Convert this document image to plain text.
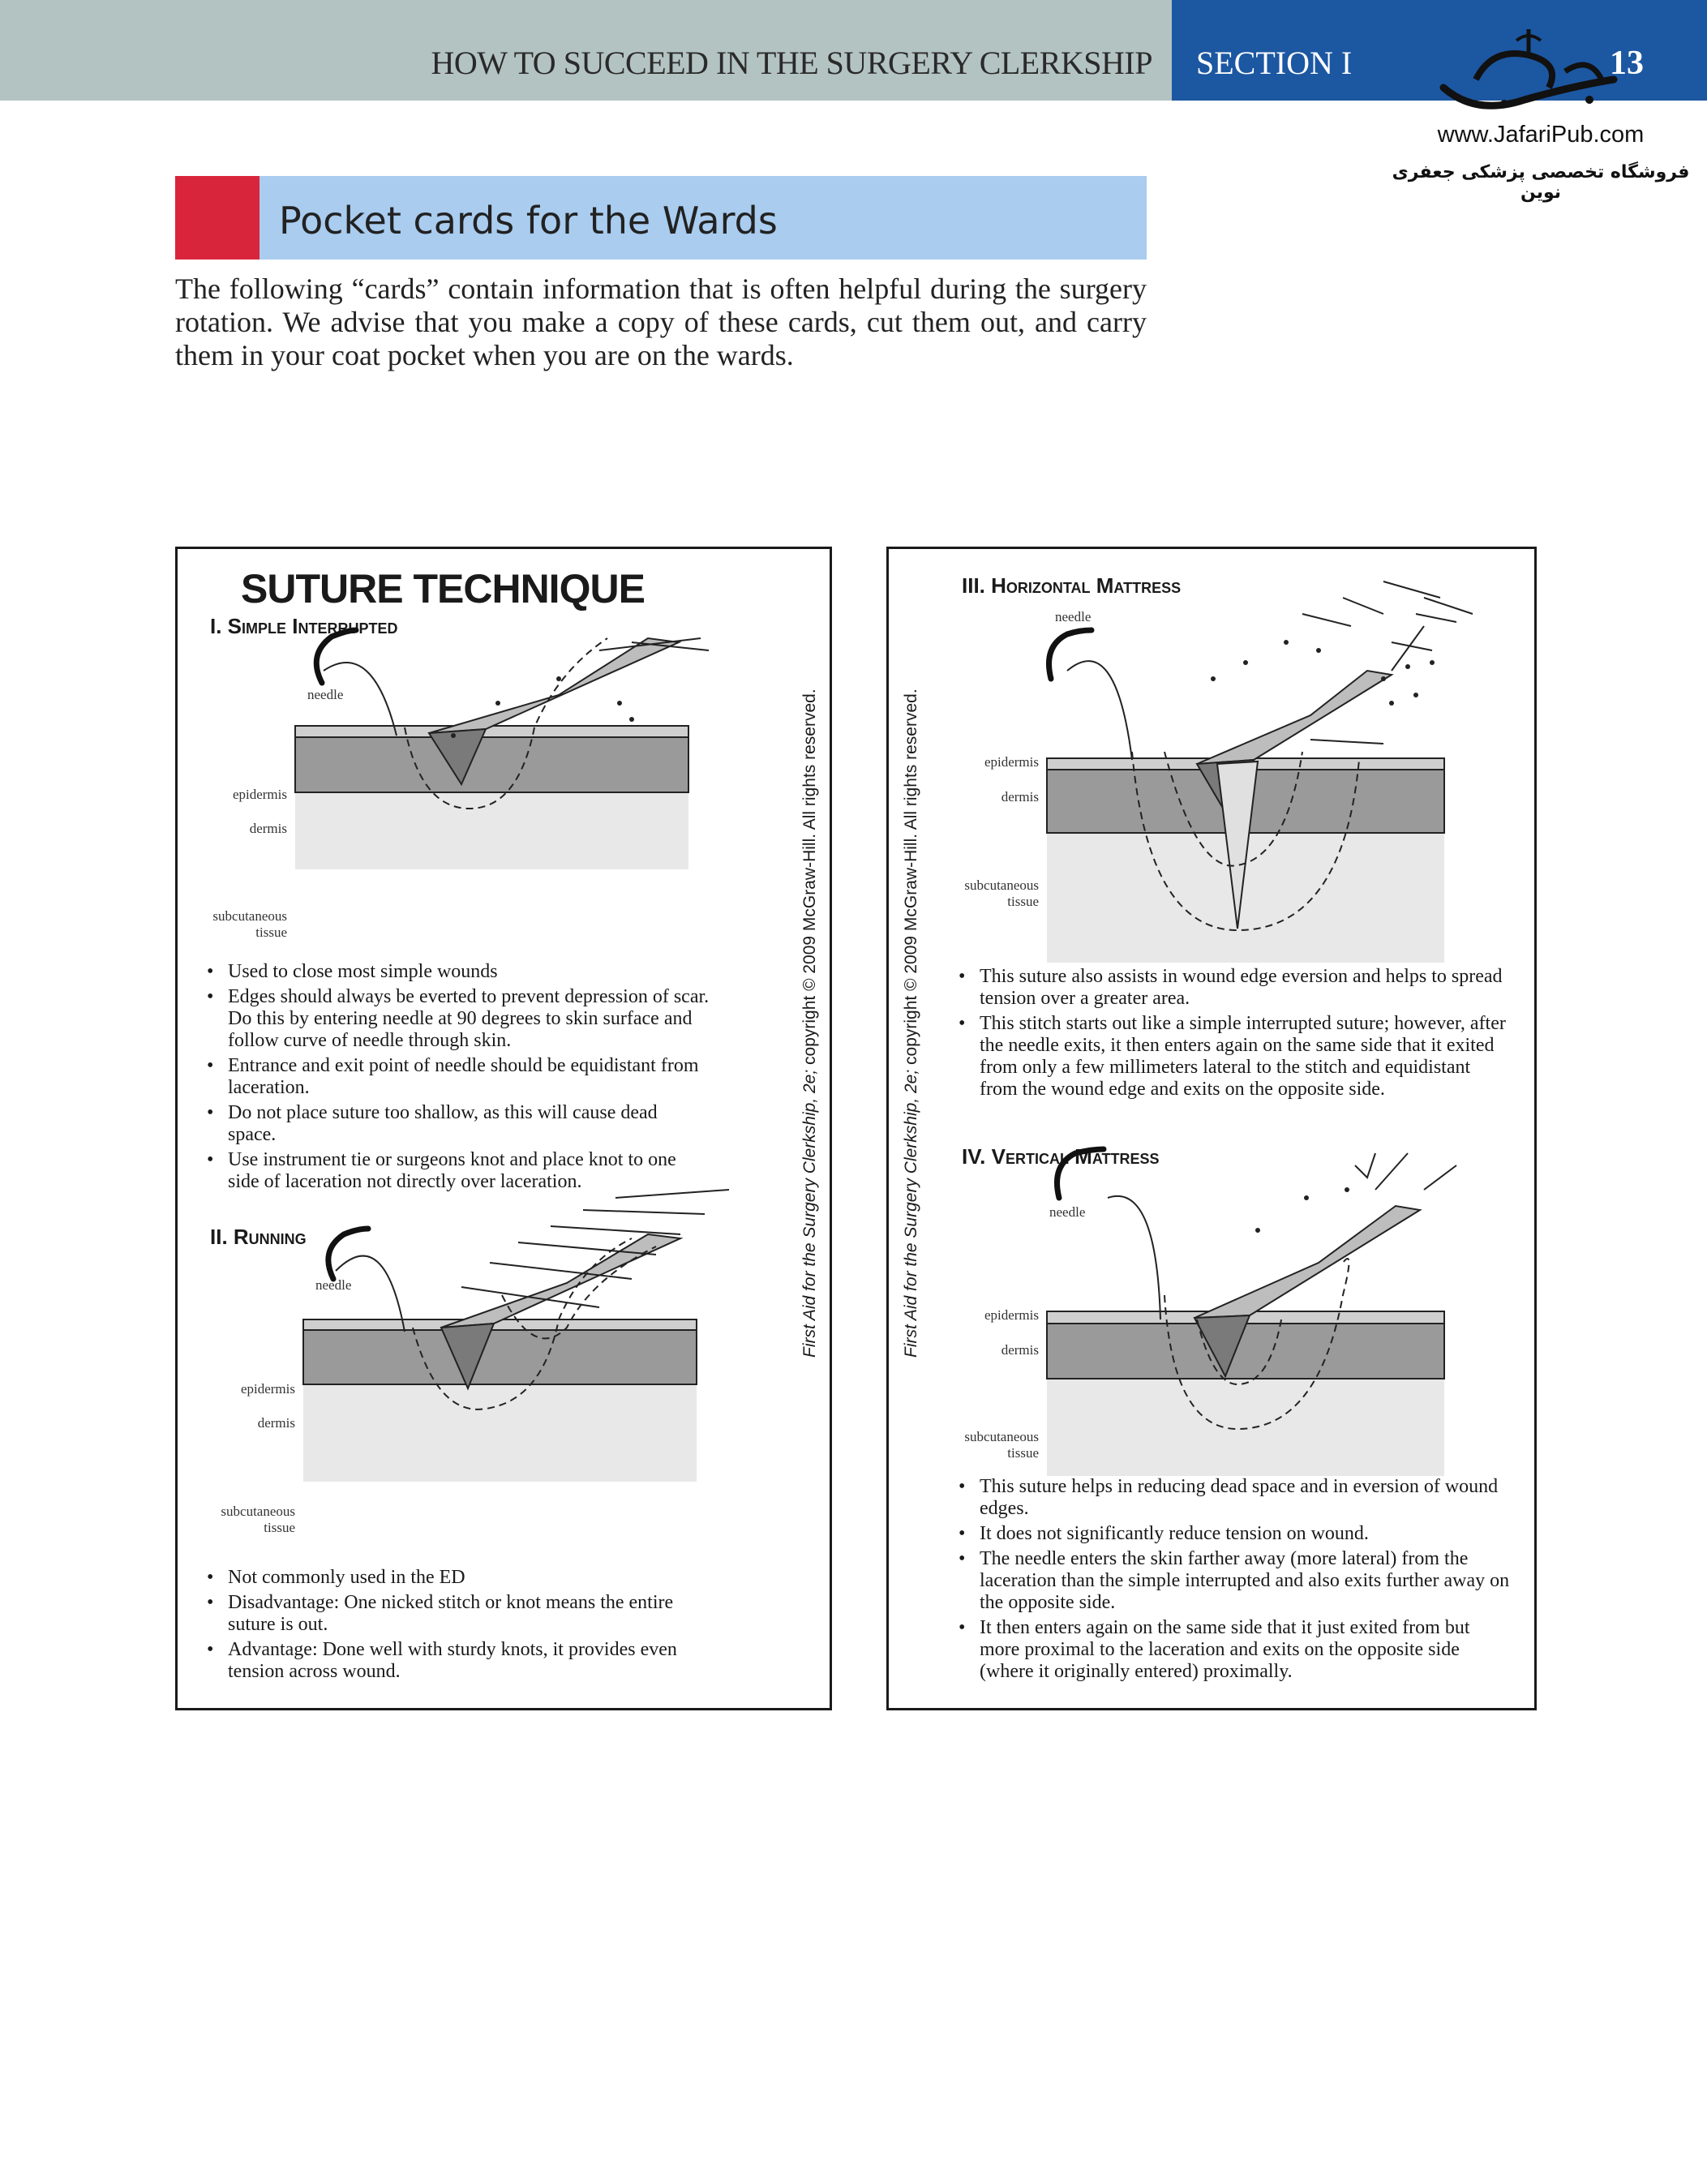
HOW TO SUCCEED IN THE SURGERY CLERKSHIP SECTION I	13
www.JafariPub.com
فروشگاه تخصصی پزشکی جعفری نوین
Pocket cards for the Wards
The following “cards” contain information that is often helpful during the surgery rotation. We advise that you make a copy of these cards, cut them out, and carry them in your coat pocket when you are on the wards.
SUTURE TECHNIQUE
I. Simple Interrupted
needle
epidermis
dermis
subcutaneous
tissue
• Used to close most simple wounds
• Edges should always be everted to prevent depression of scar. Do this by entering needle at 90 degrees to skin surface and follow curve of needle through skin.
• Entrance and exit point of needle should be equidistant from laceration.
• Do not place suture too shallow, as this will cause dead space.
• Use instrument tie or surgeons knot and place knot to one side of laceration not directly over laceration.
II. Running
needle
epidermis
dermis
subcutaneous
tissue
• Not commonly used in the ED
• Disadvantage: One nicked stitch or knot means the entire suture is out.
• Advantage: Done well with sturdy knots, it provides even tension across wound.
First Aid for the Surgery Clerkship, 2e; copyright © 2009 McGraw-Hill. All rights reserved.
III. Horizontal Mattress
needle
epidermis
dermis
subcutaneous
tissue
• This suture also assists in wound edge eversion and helps to spread tension over a greater area.
• This stitch starts out like a simple interrupted suture; however, after the needle exits, it then enters again on the same side that it exited from only a few millimeters lateral to the stitch and equidistant from the wound edge and exits on the opposite side.
IV. Vertical Mattress
needle
epidermis
dermis
subcutaneous
tissue
• This suture helps in reducing dead space and in eversion of wound edges.
• It does not significantly reduce tension on wound.
• The needle enters the skin farther away (more lateral) from the laceration than the simple interrupted and also exits further away on the opposite side.
• It then enters again on the same side that it just exited from but more proximal to the laceration and exits on the opposite side (where it originally entered) proximally.
First Aid for the Surgery Clerkship, 2e; copyright © 2009 McGraw-Hill. All rights reserved.
